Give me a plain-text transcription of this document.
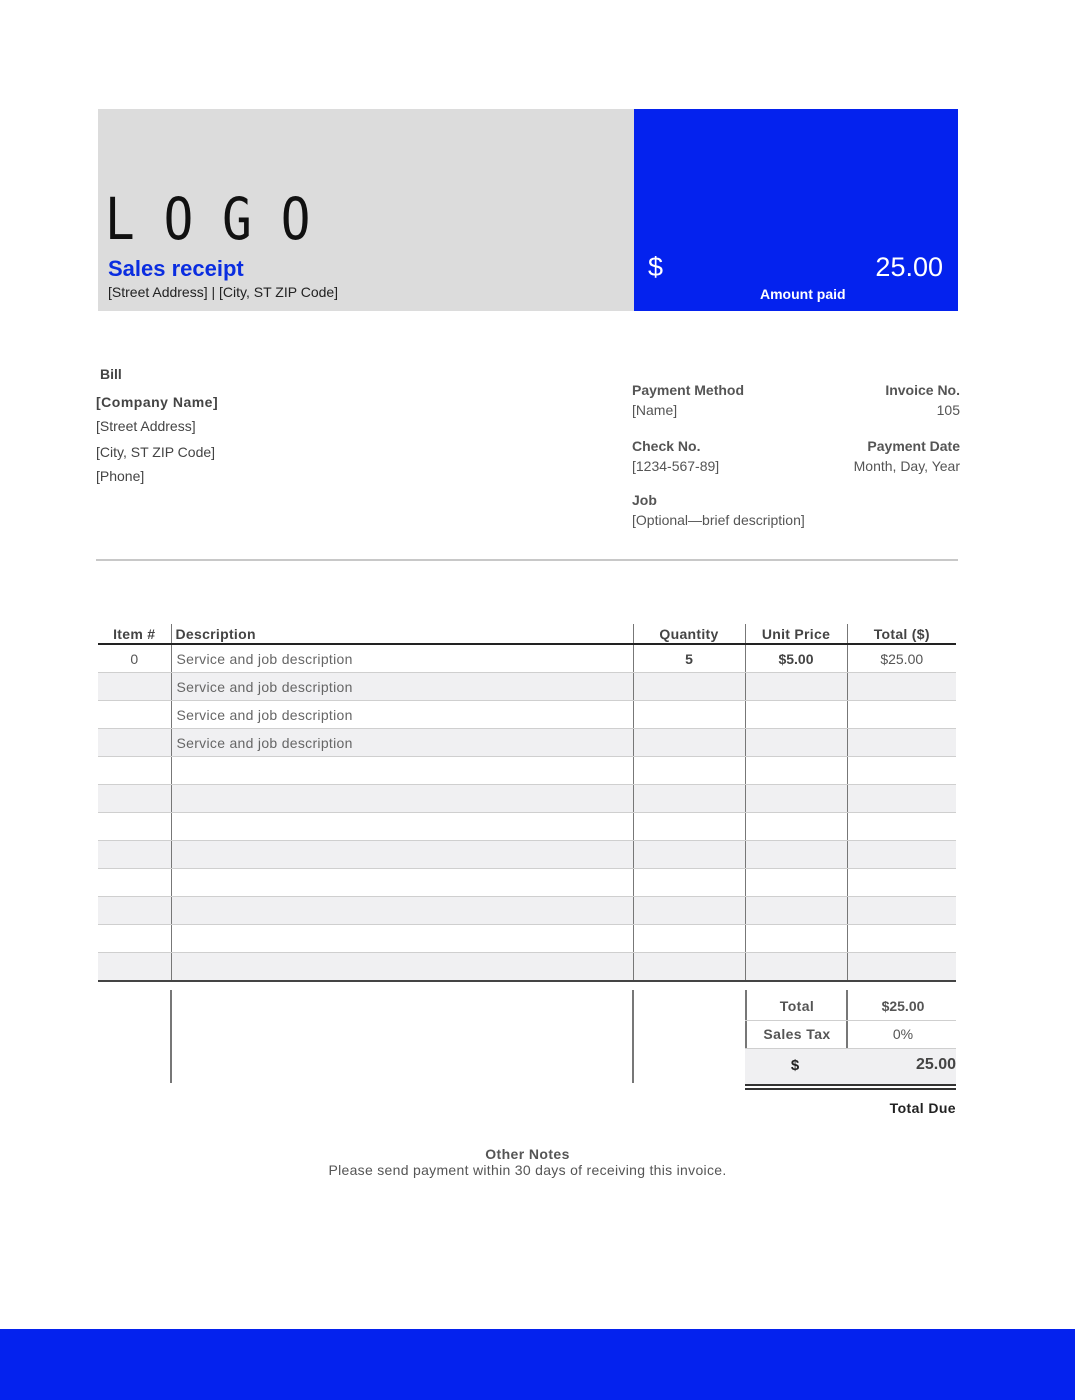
LOGO
Sales receipt
[Street Address] | [City, ST ZIP Code]
$	25.00
Amount paid
Bill
[Company Name]
[Street Address]
[City, ST ZIP Code]
[Phone]
Payment Method
[Name]
Invoice No.
105
Check No.
[1234-567-89]
Payment Date
Month, Day, Year
Job
[Optional—brief description]
Item #	Description	Quantity	Unit Price	Total ($)
0	Service and job description	5	$5.00	$25.00
	Service and job description			
	Service and job description			
	Service and job description			

Total	$25.00
Sales Tax	0%
$	25.00
Total Due
Other Notes
Please send payment within 30 days of receiving this invoice.
